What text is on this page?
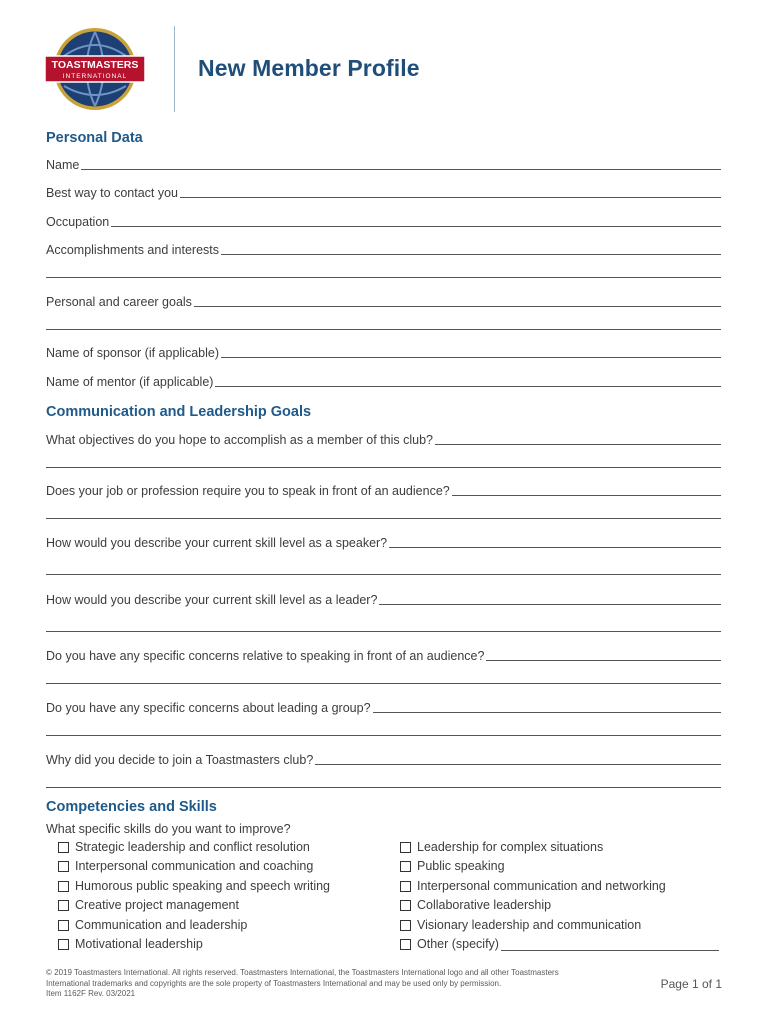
TOASTMASTERS
INTERNATIONAL	New Member Profile
Personal Data
Name
Best way to contact you
Occupation
Accomplishments and interests
Personal and career goals
Name of sponsor (if applicable)
Name of mentor (if applicable)
Communication and Leadership Goals
What objectives do you hope to accomplish as a member of this club?
Does your job or profession require you to speak in front of an audience?
How would you describe your current skill level as a speaker?
How would you describe your current skill level as a leader?
Do you have any specific concerns relative to speaking in front of an audience?
Do you have any specific concerns about leading a group?
Why did you decide to join a Toastmasters club?
Competencies and Skills
What specific skills do you want to improve?
Strategic leadership and conflict resolution
Interpersonal communication and coaching
Humorous public speaking and speech writing
Creative project management
Communication and leadership
Motivational leadership
Leadership for complex situations
Public speaking
Interpersonal communication and networking
Collaborative leadership
Visionary leadership and communication
Other (specify)
© 2019 Toastmasters International. All rights reserved. Toastmasters International, the Toastmasters International logo and all other Toastmasters
International trademarks and copyrights are the sole property of Toastmasters International and may be used only by permission.
Item 1162F Rev. 03/2021
Page 1 of 1
